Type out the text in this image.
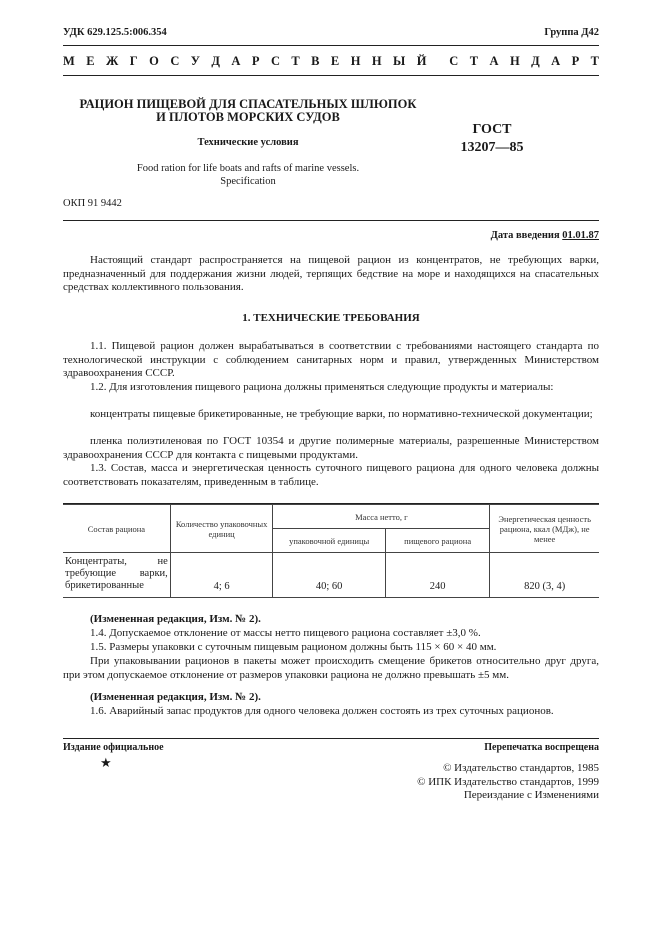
УДК 629.125.5:006.354	Группа Д42
М Е Ж Г О С У Д А Р С Т В Е Н Н Ы Й С Т А Н Д А Р Т
РАЦИОН ПИЩЕВОЙ ДЛЯ СПАСАТЕЛЬНЫХ ШЛЮПОК
И ПЛОТОВ МОРСКИХ СУДОВ
Технические условия
Food ration for life boats and rafts of marine vessels.
Specification
ГОСТ
13207—85
ОКП 91 9442
Дата введения 01.01.87
Настоящий стандарт распространяется на пищевой рацион из концентратов, не требующих варки, предназначенный для поддержания жизни людей, терпящих бедствие на море и находящихся на спасательных средствах коллективного пользования.
1. ТЕХНИЧЕСКИЕ ТРЕБОВАНИЯ
1.1. Пищевой рацион должен вырабатываться в соответствии с требованиями настоящего стандарта по технологической инструкции с соблюдением санитарных норм и правил, утвержденных Министерством здравоохранения СССР.
1.2. Для изготовления пищевого рациона должны применяться следующие продукты и материалы:
концентраты пищевые брикетированные, не требующие варки, по нормативно-технической документации;
пленка полиэтиленовая по ГОСТ 10354 и другие полимерные материалы, разрешенные Министерством здравоохранения СССР для контакта с пищевыми продуктами.
1.3. Состав, масса и энергетическая ценность суточного пищевого рациона для одного человека должны соответствовать показателям, приведенным в таблице.
Состав рациона	Количество упаковочных единиц	Масса нетто, г		Энергетическая ценность рациона, ккал (МДж), не менее
		упаковочной единицы	пищевого рациона	
Концентраты, не требующие варки, брикетированные	4; 6	40; 60	240	820 (3, 4)
(Измененная редакция, Изм. № 2).
1.4. Допускаемое отклонение от массы нетто пищевого рациона составляет ±3,0 %.
1.5. Размеры упаковки с суточным пищевым рационом должны быть 115 × 60 × 40 мм.
При упаковывании рационов в пакеты может происходить смещение брикетов относительно друг друга, при этом допускаемое отклонение от размеров упаковки рациона не должно превышать ±5 мм.
(Измененная редакция, Изм. № 2).
1.6. Аварийный запас продуктов для одного человека должен состоять из трех суточных рационов.
Издание официальное	Перепечатка воспрещена
★	© Издательство стандартов, 1985
© ИПК Издательство стандартов, 1999
Переиздание с Изменениями
